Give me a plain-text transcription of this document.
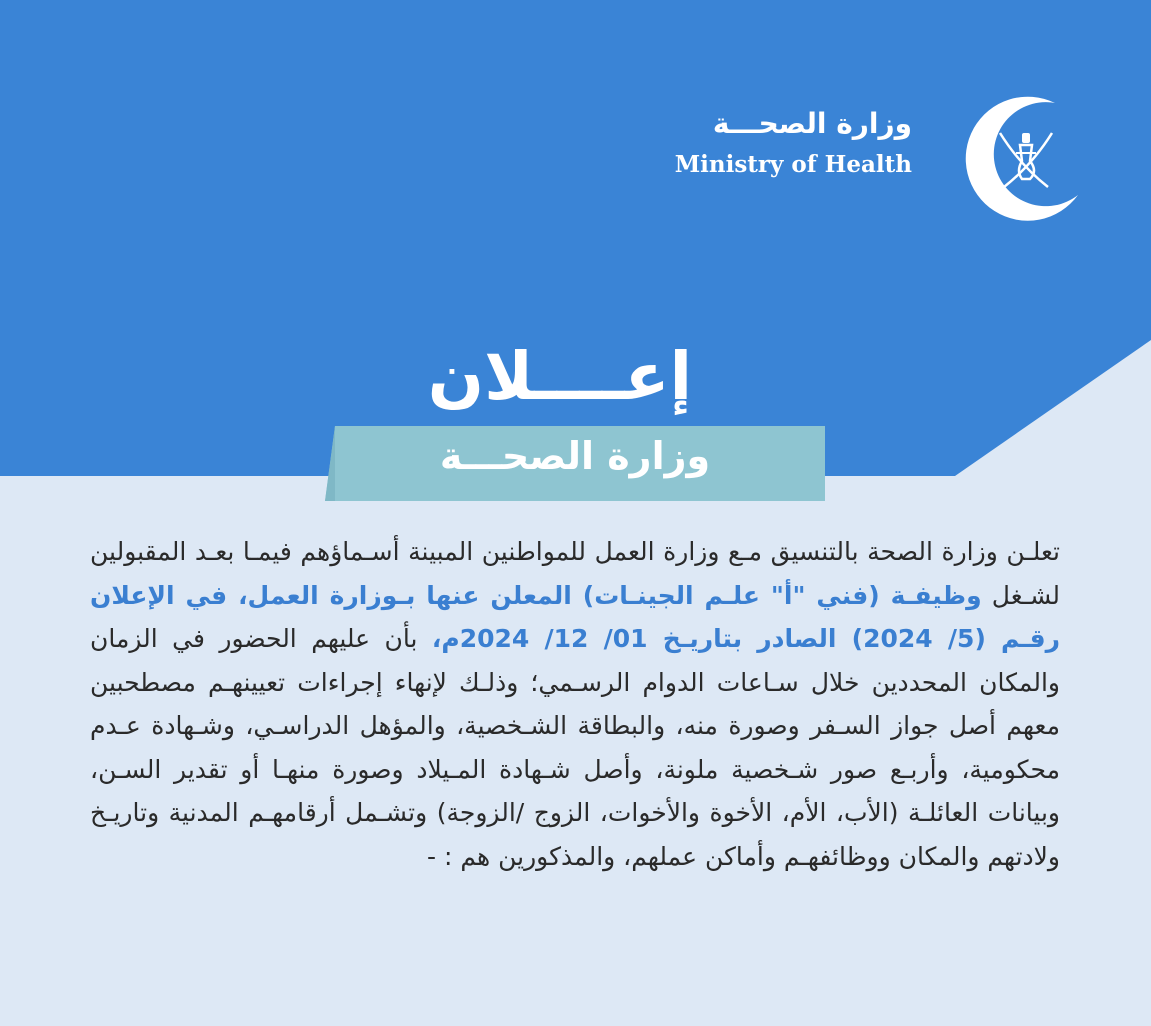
وزارة الصحـــة
Ministry of Health
إعــــلان
وزارة الصحـــة
تعلـن وزارة الصحة بالتنسيق مـع وزارة العمل للمواطنين المبينة أسـماؤهم فيمـا بعـد المقبولين لشـغل وظيفـة (فني "أ" علـم الجينـات) المعلن عنها بـوزارة العمل، في الإعلان رقـم (5/ 2024) الصادر بتاريـخ 01/ 12/ 2024م، بأن عليهم الحضور في الزمان والمكان المحددين خلال سـاعات الدوام الرسـمي؛ وذلـك لإنهاء إجراءات تعيينهـم مصطحبين معهم أصل جواز السـفر وصورة منه، والبطاقة الشـخصية، والمؤهل الدراسـي، وشـهادة عـدم محكومية، وأربـع صور شـخصية ملونة، وأصل شـهادة المـيلاد وصورة منهـا أو تقدير السـن، وبيانات العائلـة (الأب، الأم، الأخوة والأخوات، الزوج /الزوجة) وتشـمل أرقامهـم المدنية وتاريـخ ولادتهم والمكان ووظائفهـم وأماكن عملهم، والمذكورين هم : -
